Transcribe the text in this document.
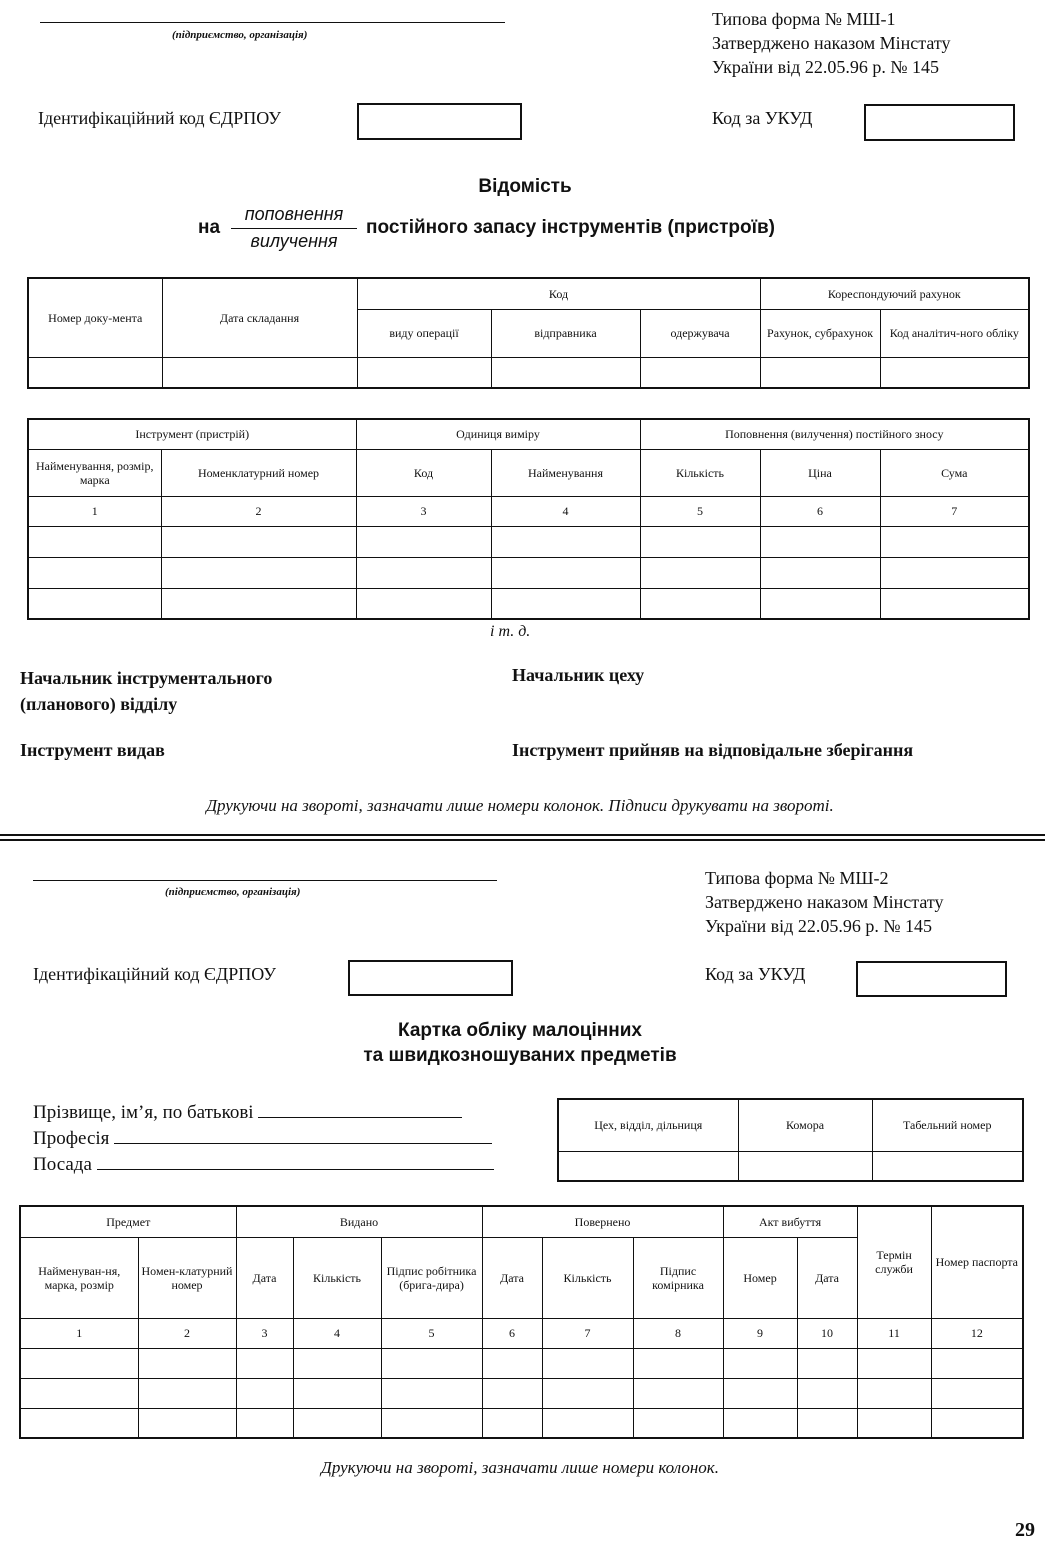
(підприємство, організація)
Типова форма № МШ-1
Затверджено наказом Мінстату
України від 22.05.96 р. № 145
Ідентифікаційний код ЄДРПОУ	Код за УКУД
Відомість
на
поповнення
вилучення
постійного запасу інструментів (пристроїв)
Номер доку-мента	Дата складання	Код			Кореспондуючий рахунок	
		виду операції	відправника	одержувача	Рахунок, субрахунок	Код аналітич-ного обліку

Інструмент (пристрій)		Одиниця виміру		Поповнення (вилучення) постійного зносу		
Найменування, розмір, марка	Номенклатурний номер	Код	Найменування	Кількість	Ціна	Сума
1	2	3	4	5	6	7

і т. д.
Начальник інструментального
(планового) відділу
Начальник цеху
Інструмент видав	Інструмент прийняв на відповідальне зберігання
Друкуючи на звороті, зазначати лише номери колонок. Підписи друкувати на звороті.
(підприємство, організація)
Типова форма № МШ-2
Затверджено наказом Мінстату
України від 22.05.96 р. № 145
Ідентифікаційний код ЄДРПОУ	Код за УКУД
Картка обліку малоцінних
та швидкозношуваних предметів
Прізвище, ім’я, по батькові
Професія
Посада
Цех, відділ, дільниця	Комора	Табельний номер

Предмет		Видано			Повернено			Акт вибуття		Термін служби	Номер паспорта
Найменуван-ня, марка, розмір	Номен-клатурний номер	Дата	Кількість	Підпис робітника (брига-дира)	Дата	Кількість	Підпис комірника	Номер	Дата		
1	2	3	4	5	6	7	8	9	10	11	12

Друкуючи на звороті, зазначати лише номери колонок.
29
